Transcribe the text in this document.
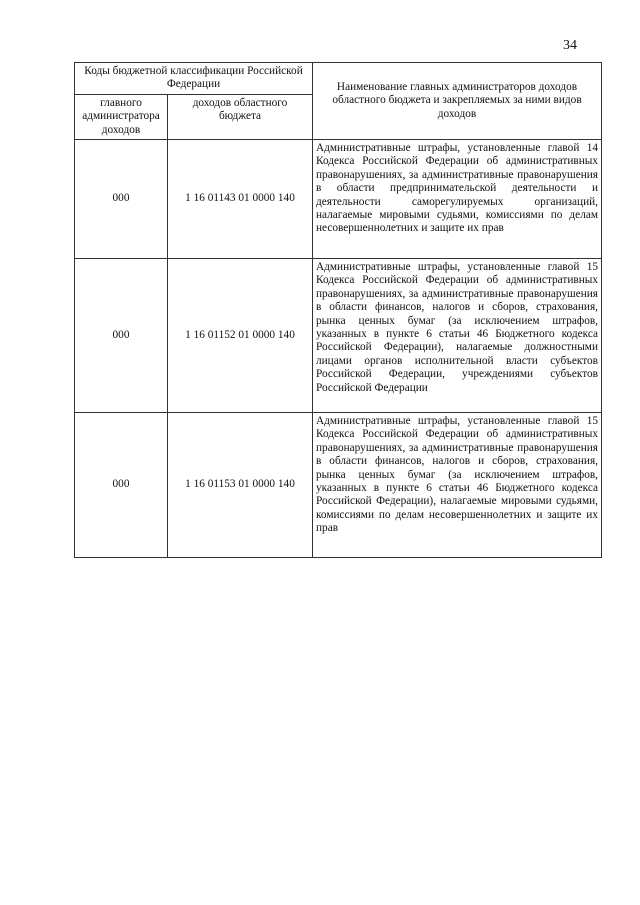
34
Коды бюджетной классификации Российской Федерации		Наименование главных администраторов доходов областного бюджета и закрепляемых за ними видов доходов
главного администратора доходов	доходов областного бюджета	
000	1 16 01143 01 0000 140	Административные штрафы, установленные главой 14 Кодекса Российской Федерации об административных правонарушениях, за административные правонарушения в области предпринимательской деятельности и деятельности саморегулируемых организаций, налагаемые мировыми судьями, комиссиями по делам несовершеннолетних и защите их прав
000	1 16 01152 01 0000 140	Административные штрафы, установленные главой 15 Кодекса Российской Федерации об административных правонарушениях, за административные правонарушения в области финансов, налогов и сборов, страхования, рынка ценных бумаг (за исключением штрафов, указанных в пункте 6 статьи 46 Бюджетного кодекса Российской Федерации), налагаемые должностными лицами органов исполнительной власти субъектов Российской Федерации, учреждениями субъектов Российской Федерации
000	1 16 01153 01 0000 140	Административные штрафы, установленные главой 15 Кодекса Российской Федерации об административных правонарушениях, за административные правонарушения в области финансов, налогов и сборов, страхования, рынка ценных бумаг (за исключением штрафов, указанных в пункте 6 статьи 46 Бюджетного кодекса Российской Федерации), налагаемые мировыми судьями, комиссиями по делам несовершеннолетних и защите их прав
